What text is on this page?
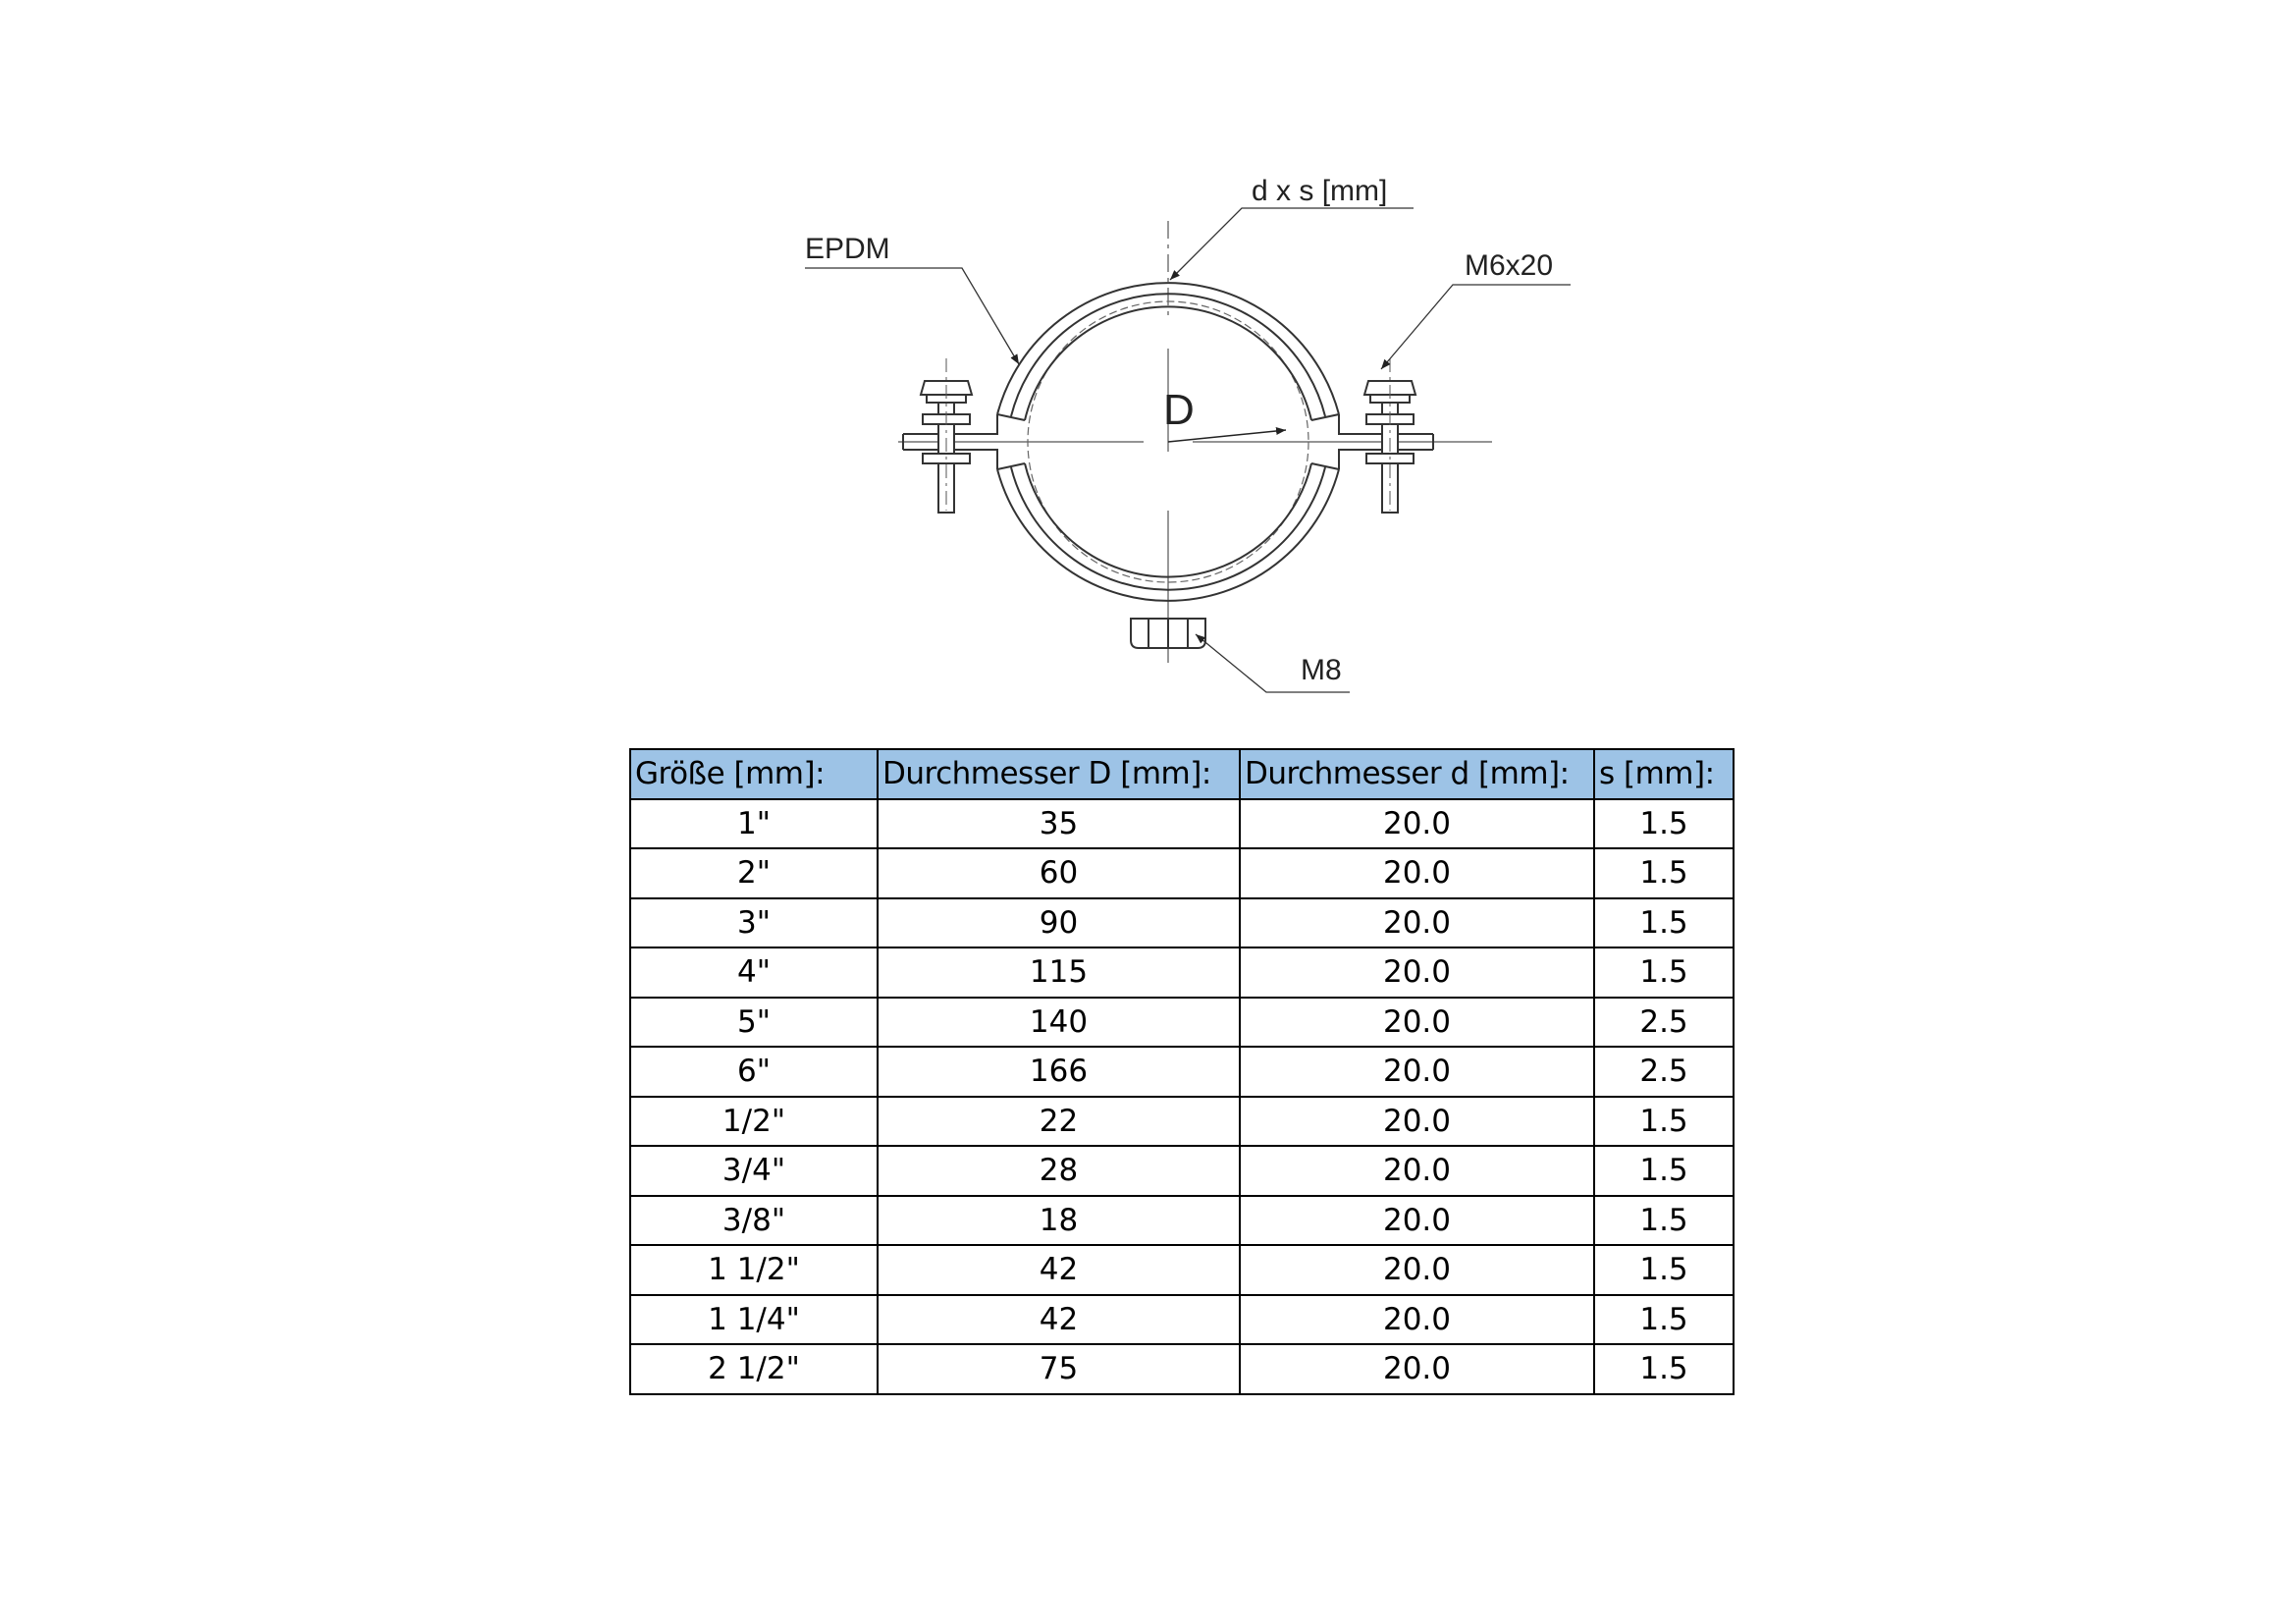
d x s [mm]
EPDM
M6x20
D
M8
Größe [mm]:	Durchmesser D [mm]:	Durchmesser d [mm]:	s [mm]:
1"	35	20.0	1.5
2"	60	20.0	1.5
3"	90	20.0	1.5
4"	115	20.0	1.5
5"	140	20.0	2.5
6"	166	20.0	2.5
1/2"	22	20.0	1.5
3/4"	28	20.0	1.5
3/8"	18	20.0	1.5
1 1/2"	42	20.0	1.5
1 1/4"	42	20.0	1.5
2 1/2"	75	20.0	1.5
